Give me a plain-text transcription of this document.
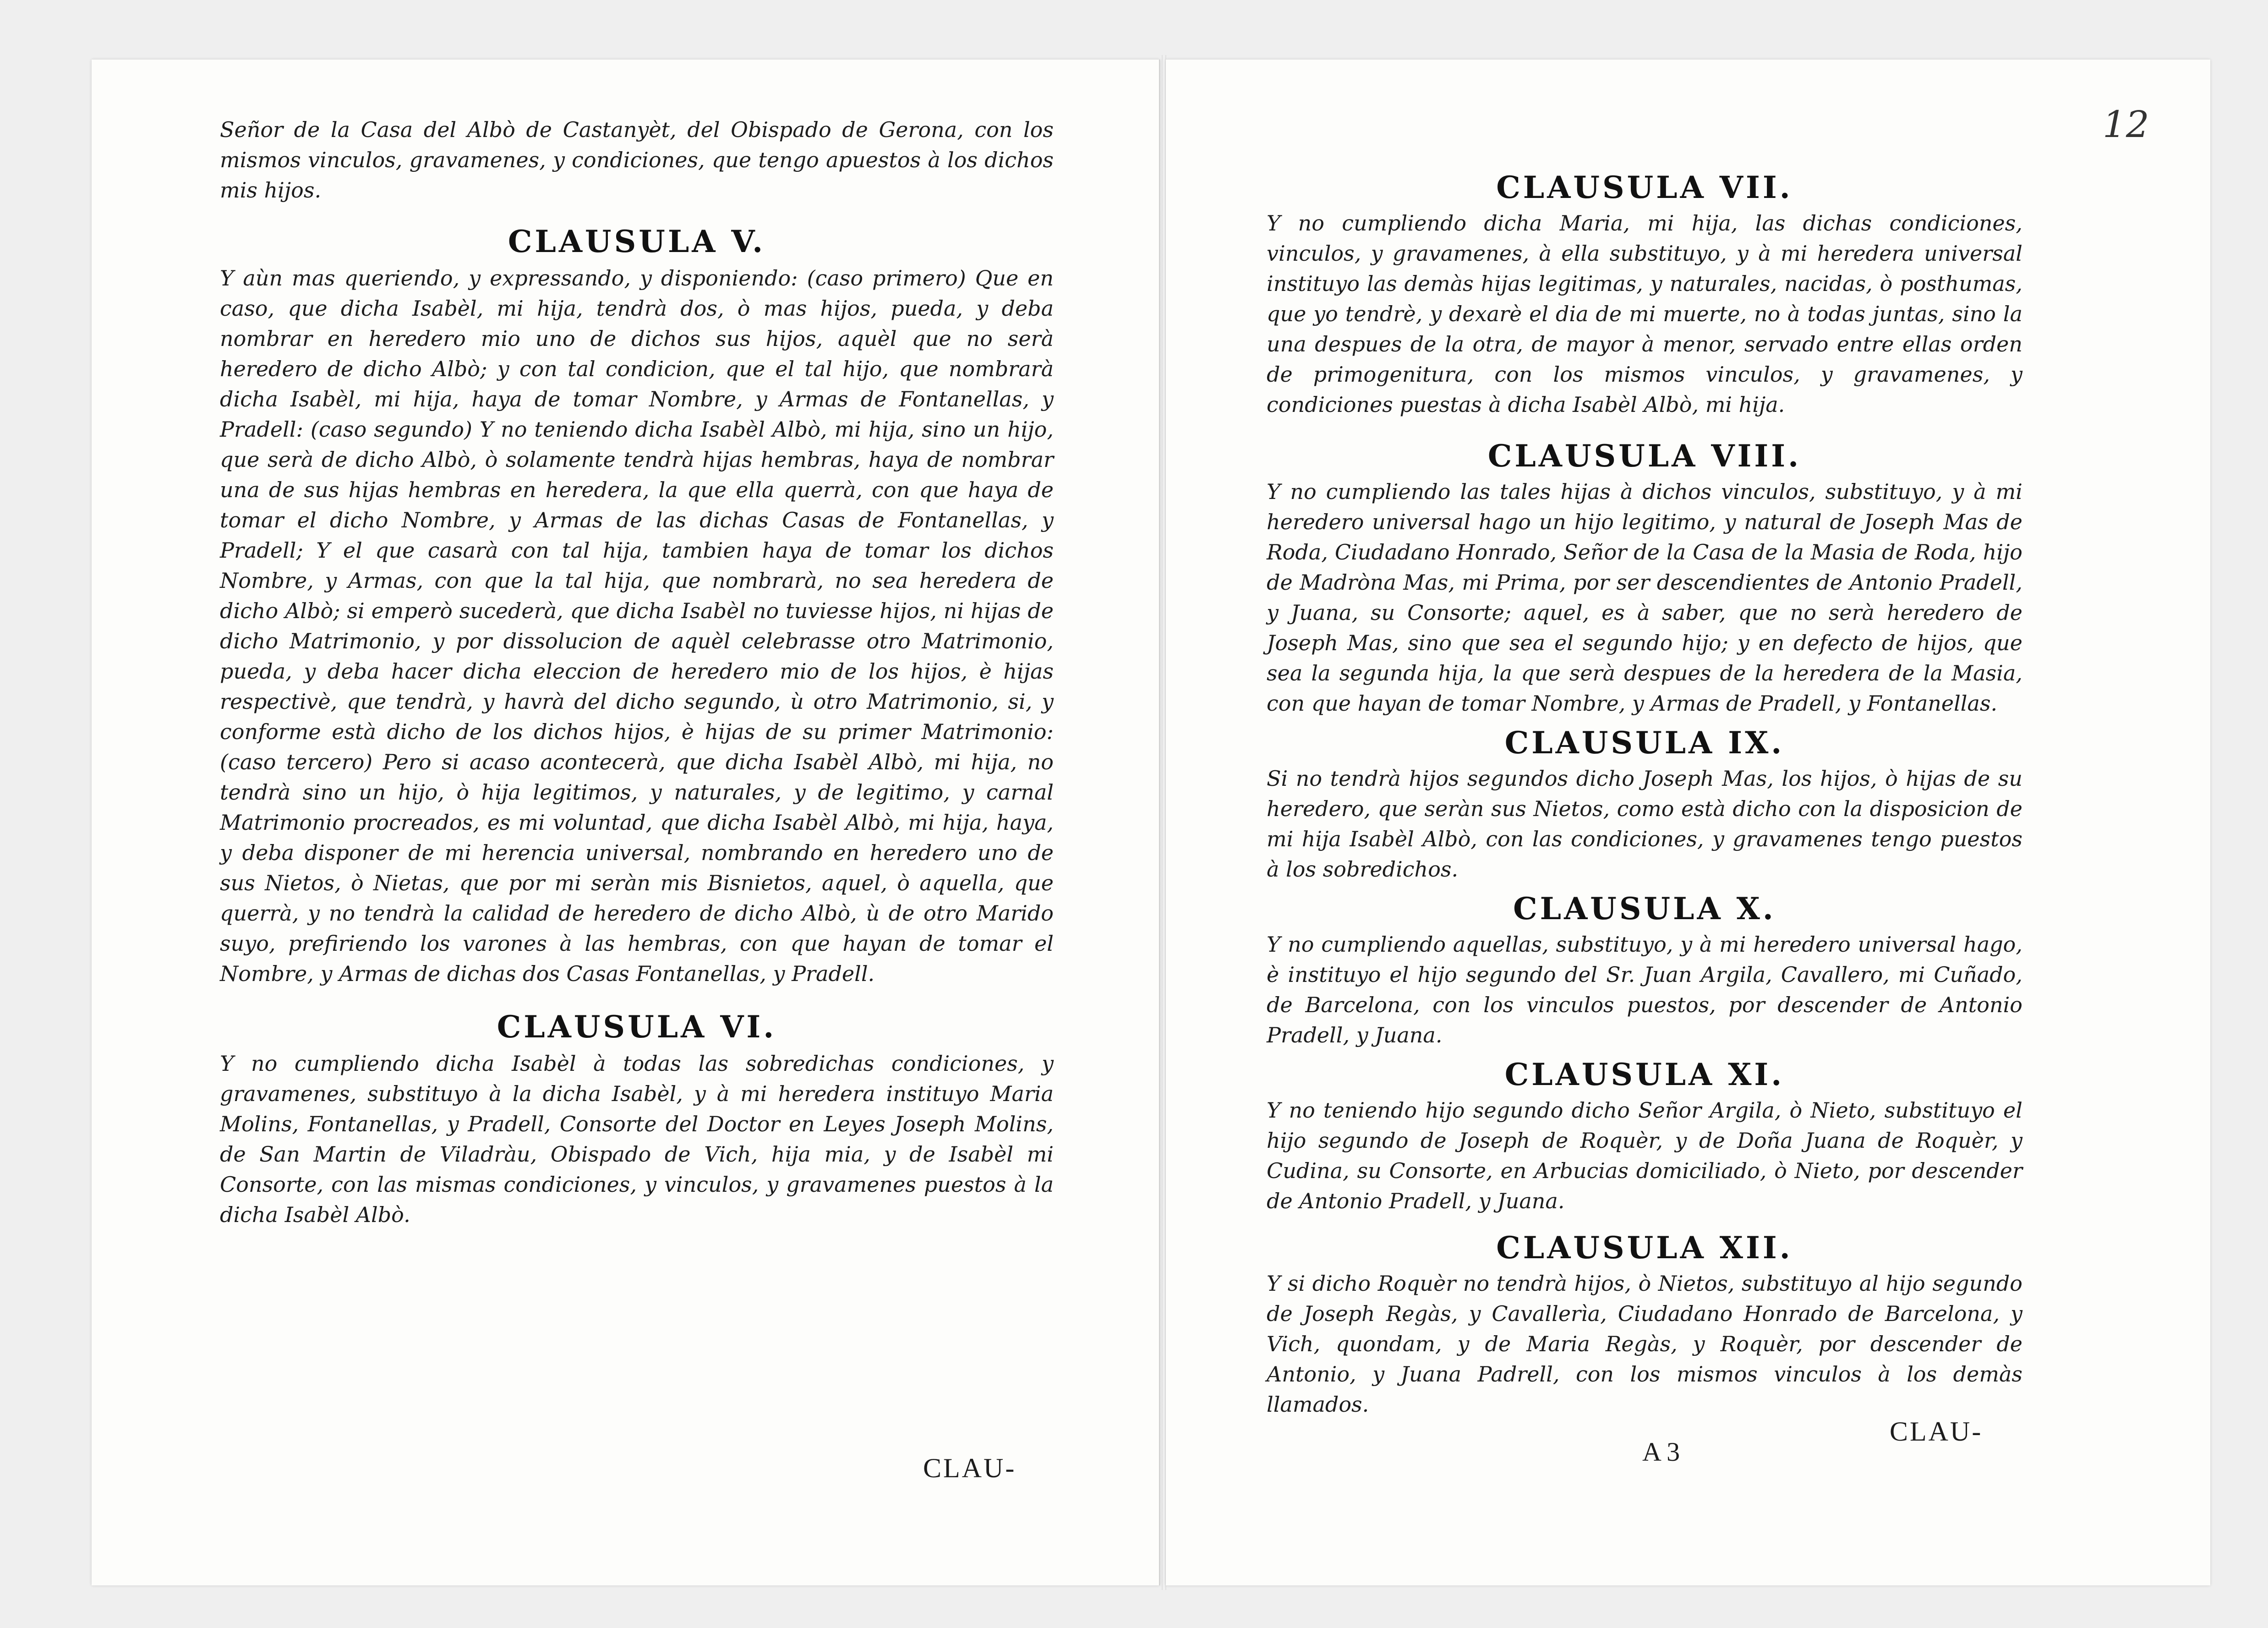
12

Señor de la Casa del Albò de Castanyèt, del Obispado de Gerona, con los mismos vinculos, gravamenes, y condiciones, que tengo apuestos à los dichos mis hijos.

CLAUSULA V.

Y aùn mas queriendo, y expressando, y disponiendo: (caso primero) Que en caso, que dicha Isabèl, mi hija, tendrà dos, ò mas hijos, pueda, y deba nombrar en heredero mio uno de dichos sus hijos, aquèl que no serà heredero de dicho Albò; y con tal condicion, que el tal hijo, que nombrarà dicha Isabèl, mi hija, haya de tomar Nombre, y Armas de Fontanellas, y Pradell: (caso segundo) Y no teniendo dicha Isabèl Albò, mi hija, sino un hijo, que serà de dicho Albò, ò solamente tendrà hijas hembras, haya de nombrar una de sus hijas hembras en heredera, la que ella querrà, con que haya de tomar el dicho Nombre, y Armas de las dichas Casas de Fontanellas, y Pradell; Y el que casarà con tal hija, tambien haya de tomar los dichos Nombre, y Armas, con que la tal hija, que nombrarà, no sea heredera de dicho Albò; si emperò sucederà, que dicha Isabèl no tuviesse hijos, ni hijas de dicho Matrimonio, y por dissolucion de aquèl celebrasse otro Matrimonio, pueda, y deba hacer dicha eleccion de heredero mio de los hijos, è hijas respectivè, que tendrà, y havrà del dicho segundo, ù otro Matrimonio, si, y conforme està dicho de los dichos hijos, è hijas de su primer Matrimonio: (caso tercero) Pero si acaso acontecerà, que dicha Isabèl Albò, mi hija, no tendrà sino un hijo, ò hija legitimos, y naturales, y de legitimo, y carnal Matrimonio procreados, es mi voluntad, que dicha Isabèl Albò, mi hija, haya, y deba disponer de mi herencia universal, nombrando en heredero uno de sus Nietos, ò Nietas, que por mi seràn mis Bisnietos, aquel, ò aquella, que querrà, y no tendrà la calidad de heredero de dicho Albò, ù de otro Marido suyo, prefiriendo los varones à las hembras, con que hayan de tomar el Nombre, y Armas de dichas dos Casas Fontanellas, y Pradell.

CLAUSULA VI.

Y no cumpliendo dicha Isabèl à todas las sobredichas condiciones, y gravamenes, substituyo à la dicha Isabèl, y à mi heredera instituyo Maria Molins, Fontanellas, y Pradell, Consorte del Doctor en Leyes Joseph Molins, de San Martin de Viladràu, Obispado de Vich, hija mia, y de Isabèl mi Consorte, con las mismas condiciones, y vinculos, y gravamenes puestos à la dicha Isabèl Albò.

CLAU-
CLAUSULA VII.

Y no cumpliendo dicha Maria, mi hija, las dichas condiciones, vinculos, y gravamenes, à ella substituyo, y à mi heredera universal instituyo las demàs hijas legitimas, y naturales, nacidas, ò posthumas, que yo tendrè, y dexarè el dia de mi muerte, no à todas juntas, sino la una despues de la otra, de mayor à menor, servado entre ellas orden de primogenitura, con los mismos vinculos, y gravamenes, y condiciones puestas à dicha Isabèl Albò, mi hija.

CLAUSULA VIII.

Y no cumpliendo las tales hijas à dichos vinculos, substituyo, y à mi heredero universal hago un hijo legitimo, y natural de Joseph Mas de Roda, Ciudadano Honrado, Señor de la Casa de la Masia de Roda, hijo de Madròna Mas, mi Prima, por ser descendientes de Antonio Pradell, y Juana, su Consorte; aquel, es à saber, que no serà heredero de Joseph Mas, sino que sea el segundo hijo; y en defecto de hijos, que sea la segunda hija, la que serà despues de la heredera de la Masia, con que hayan de tomar Nombre, y Armas de Pradell, y Fontanellas.

CLAUSULA IX.

Si no tendrà hijos segundos dicho Joseph Mas, los hijos, ò hijas de su heredero, que seràn sus Nietos, como està dicho con la disposicion de mi hija Isabèl Albò, con las condiciones, y gravamenes tengo puestos à los sobredichos.

CLAUSULA X.

Y no cumpliendo aquellas, substituyo, y à mi heredero universal hago, è instituyo el hijo segundo del Sr. Juan Argila, Cavallero, mi Cuñado, de Barcelona, con los vinculos puestos, por descender de Antonio Pradell, y Juana.

CLAUSULA XI.

Y no teniendo hijo segundo dicho Señor Argila, ò Nieto, substituyo el hijo segundo de Joseph de Roquèr, y de Doña Juana de Roquèr, y Cudina, su Consorte, en Arbucias domiciliado, ò Nieto, por descender de Antonio Pradell, y Juana.

CLAUSULA XII.

Y si dicho Roquèr no tendrà hijos, ò Nietos, substituyo al hijo segundo de Joseph Regàs, y Cavallerìa, Ciudadano Honrado de Barcelona, y Vich, quondam, y de Maria Regàs, y Roquèr, por descender de Antonio, y Juana Padrell, con los mismos vinculos à los demàs llamados.

A 3
CLAU-
